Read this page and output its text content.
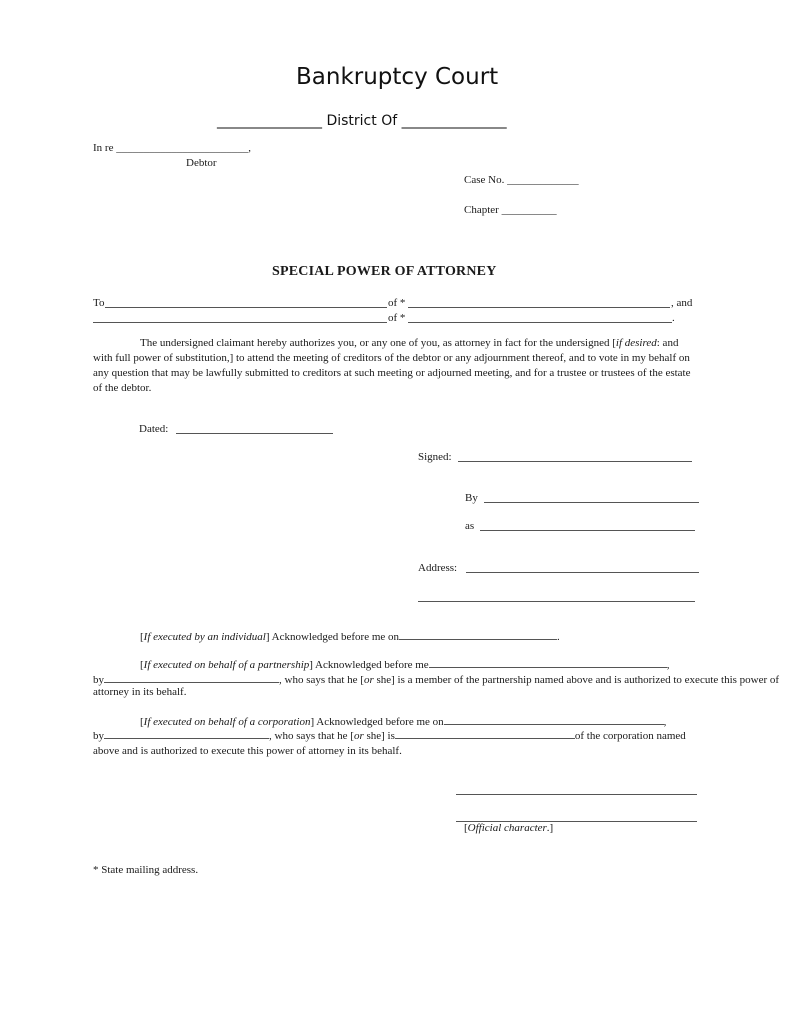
Bankruptcy Court
_______________ District Of _______________
In re ________________________,
Debtor
Case No. _____________
Chapter __________
SPECIAL POWER OF ATTORNEY
To	of *	, and
of *	.
The undersigned claimant hereby authorizes you, or any one of you, as attorney in fact for the undersigned [if desired: and with full power of substitution,] to attend the meeting of creditors of the debtor or any adjournment thereof, and to vote in my behalf on any question that may be lawfully submitted to creditors at such meeting or adjourned meeting, and for a trustee or trustees of the estate of the debtor.
Dated:
Signed:
By
as
Address:
[If executed by an individual] Acknowledged before me on	.
[If executed on behalf of a partnership] Acknowledged before me	,
by	, who says that he [or she] is a member of the partnership named above and is authorized to execute this power of attorney in its behalf.
[If executed on behalf of a corporation] Acknowledged before me on	,
by	, who says that he [or she] is	of the corporation named above and is authorized to execute this power of attorney in its behalf.
[Official character.]
* State mailing address.
